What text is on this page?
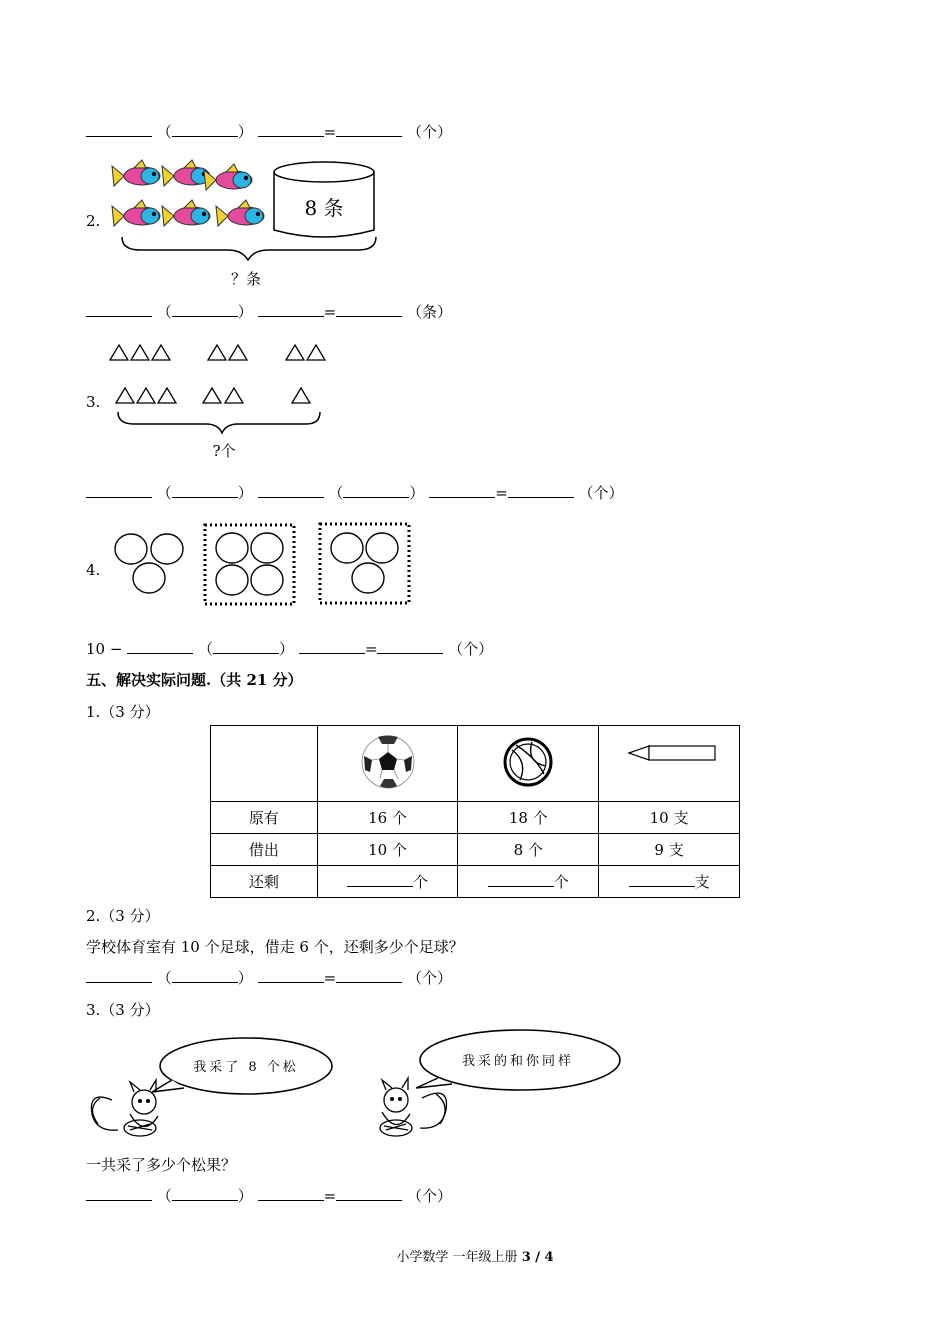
（	）	=	（个）
2.
8 条
？条
（	）	=	（条）
3.
?个
（	）	（	）	=	（个）
4.
10 −	（	）	=	（个）
五、解决实际问题.（共 21 分）
1.（3 分）

原有	16 个	18 个	10 支
借出	10 个	8 个	9 支
还剩	个	个	支
2.（3 分）
学校体育室有 10 个足球，借走 6 个，还剩多少个足球？
（	）	=	（个）
3.（3 分）
我采了 8 个松	我采的和你同样
一共采了多少个松果？
（	）	=	（个）
小学数学 一年级上册 3 / 4
